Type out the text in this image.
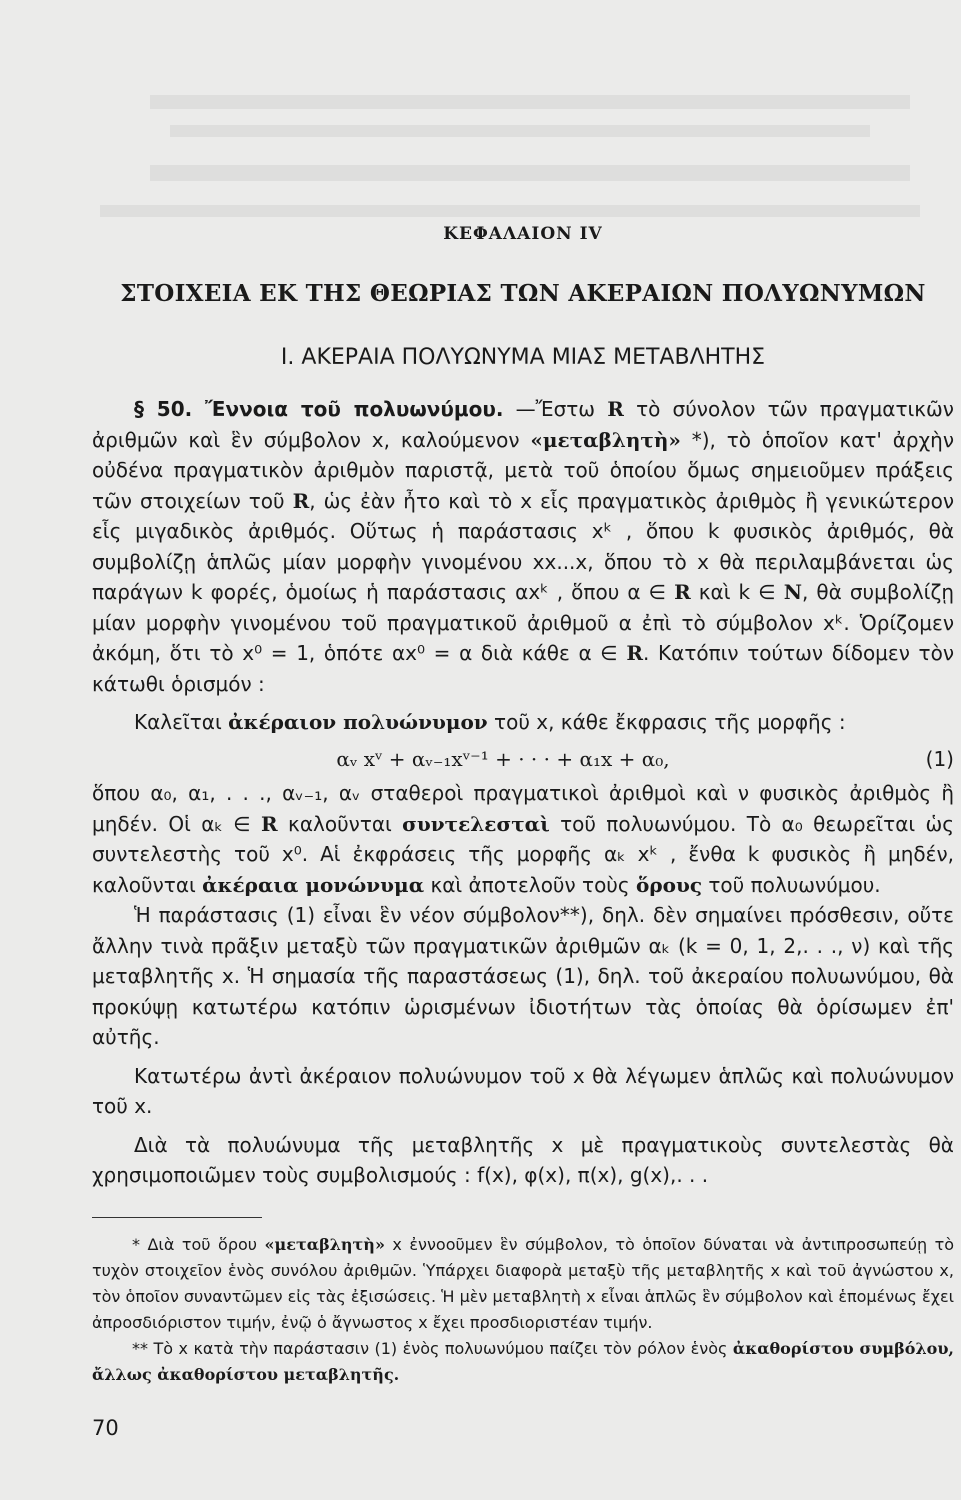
ΚΕΦΑΛΑΙΟΝ IV
ΣΤΟΙΧΕΙΑ ΕΚ ΤΗΣ ΘΕΩΡΙΑΣ ΤΩΝ ΑΚΕΡΑΙΩΝ ΠΟΛΥΩΝΥΜΩΝ
I. ΑΚΕΡΑΙΑ ΠΟΛΥΩΝΥΜΑ ΜΙΑΣ ΜΕΤΑΒΛΗΤΗΣ

§ 50. Ἔννοια τοῦ πολυωνύμου. —Ἔστω R τὸ σύνολον τῶν πραγματικῶν ἀριθμῶν καὶ ἓν σύμβολον x, καλούμενον «μεταβλητὴ» *), τὸ ὁποῖον κατ' ἀρχὴν οὐδένα πραγματικὸν ἀριθμὸν παριστᾷ, μετὰ τοῦ ὁποίου ὅμως σημειοῦμεν πράξεις τῶν στοιχείων τοῦ R, ὡς ἐὰν ἦτο καὶ τὸ x εἷς πραγματικὸς ἀριθμὸς ἢ γενικώτερον εἷς μιγαδικὸς ἀριθμός. Οὕτως ἡ παράστασις xᵏ , ὅπου k φυσικὸς ἀριθμός, θὰ συμβολίζῃ ἁπλῶς μίαν μορφὴν γινομένου xx...x, ὅπου τὸ x θὰ περιλαμβάνεται ὡς παράγων k φορές, ὁμοίως ἡ παράστασις αxᵏ , ὅπου α ∈ R καὶ k ∈ N, θὰ συμβολίζῃ μίαν μορφὴν γινομένου τοῦ πραγματικοῦ ἀριθμοῦ α ἐπὶ τὸ σύμβολον xᵏ. Ὁρίζομεν ἀκόμη, ὅτι τὸ x⁰ = 1, ὁπότε αx⁰ = α διὰ κάθε α ∈ R. Κατόπιν τούτων δίδομεν τὸν κάτωθι ὁρισμόν :

Καλεῖται ἀκέραιον πολυώνυμον τοῦ x, κάθε ἔκφρασις τῆς μορφῆς :

αᵥ xᵛ + αᵥ₋₁xᵛ⁻¹ + · · · + α₁x + α₀,	(1)

ὅπου α₀, α₁, . . ., αᵥ₋₁, αᵥ σταθεροὶ πραγματικοὶ ἀριθμοὶ καὶ ν φυσικὸς ἀριθμὸς ἢ μηδέν. Οἱ αₖ ∈ R καλοῦνται συντελεσταὶ τοῦ πολυωνύμου. Τὸ α₀ θεωρεῖται ὡς συντελεστὴς τοῦ x⁰. Αἱ ἐκφράσεις τῆς μορφῆς αₖ xᵏ , ἔνθα k φυσικὸς ἢ μηδέν, καλοῦνται ἀκέραια μονώνυμα καὶ ἀποτελοῦν τοὺς ὅρους τοῦ πολυωνύμου.

Ἡ παράστασις (1) εἶναι ἓν νέον σύμβολον**), δηλ. δὲν σημαίνει πρόσθεσιν, οὔτε ἄλλην τινὰ πρᾶξιν μεταξὺ τῶν πραγματικῶν ἀριθμῶν αₖ (k = 0, 1, 2,. . ., ν) καὶ τῆς μεταβλητῆς x. Ἡ σημασία τῆς παραστάσεως (1), δηλ. τοῦ ἀκεραίου πολυωνύμου, θὰ προκύψῃ κατωτέρω κατόπιν ὡρισμένων ἰδιοτήτων τὰς ὁποίας θὰ ὁρίσωμεν ἐπ' αὐτῆς.

Κατωτέρω ἀντὶ ἀκέραιον πολυώνυμον τοῦ x θὰ λέγωμεν ἁπλῶς καὶ πολυώνυμον τοῦ x.

Διὰ τὰ πολυώνυμα τῆς μεταβλητῆς x μὲ πραγματικοὺς συντελεστὰς θὰ χρησιμοποιῶμεν τοὺς συμβολισμούς : f(x), φ(x), π(x), g(x),. . .

* Διὰ τοῦ ὅρου «μεταβλητὴ» x ἐννοοῦμεν ἓν σύμβολον, τὸ ὁποῖον δύναται νὰ ἀντιπροσωπεύῃ τὸ τυχὸν στοιχεῖον ἑνὸς συνόλου ἀριθμῶν. Ὑπάρχει διαφορὰ μεταξὺ τῆς μεταβλητῆς x καὶ τοῦ ἀγνώστου x, τὸν ὁποῖον συναντῶμεν εἰς τὰς ἐξισώσεις. Ἡ μὲν μεταβλητὴ x εἶναι ἁπλῶς ἓν σύμβολον καὶ ἑπομένως ἔχει ἀπροσδιόριστον τιμήν, ἐνῷ ὁ ἄγνωστος x ἔχει προσδιοριστέαν τιμήν.

** Τὸ x κατὰ τὴν παράστασιν (1) ἑνὸς πολυωνύμου παίζει τὸν ρόλον ἑνὸς ἀκαθορίστου συμβόλου, ἄλλως ἀκαθορίστου μεταβλητῆς.

70
